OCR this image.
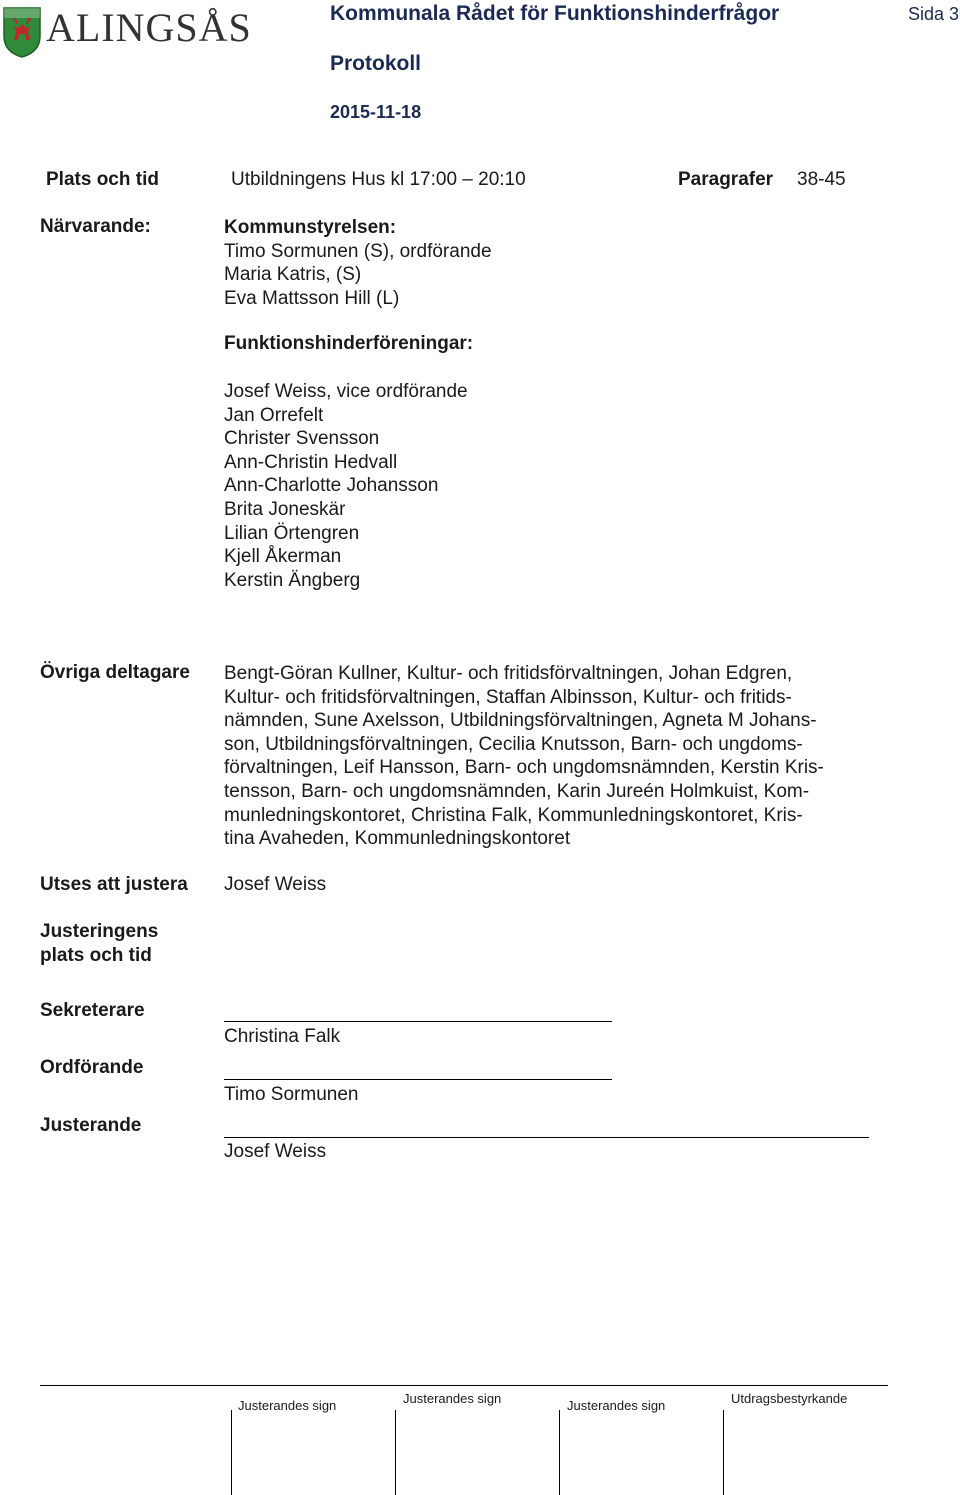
ALINGSÅS	Kommunala Rådet för Funktionshinderfrågor	Sida 3
Protokoll
2015-11-18
Plats och tid	Utbildningens Hus kl 17:00 – 20:10	Paragrafer 38-45
Närvarande:	Kommunstyrelsen:
Timo Sormunen (S), ordförande
Maria Katris, (S)
Eva Mattsson Hill (L)
Funktionshinderföreningar:
Josef Weiss, vice ordförande
Jan Orrefelt
Christer Svensson
Ann-Christin Hedvall
Ann-Charlotte Johansson
Brita Joneskär
Lilian Örtengren
Kjell Åkerman
Kerstin Ängberg
Övriga deltagare Bengt-Göran Kullner, Kultur- och fritidsförvaltningen, Johan Edgren,
Kultur- och fritidsförvaltningen, Staffan Albinsson, Kultur- och fritids-
nämnden, Sune Axelsson, Utbildningsförvaltningen, Agneta M Johans-
son, Utbildningsförvaltningen, Cecilia Knutsson, Barn- och ungdoms-
förvaltningen, Leif Hansson, Barn- och ungdomsnämnden, Kerstin Kris-
tensson, Barn- och ungdomsnämnden, Karin Jureén Holmkuist, Kom-
munledningskontoret, Christina Falk, Kommunledningskontoret, Kris-
tina Avaheden, Kommunledningskontoret
Utses att justera Josef Weiss
Justeringens
plats och tid
Sekreterare
Christina Falk
Ordförande
Timo Sormunen
Justerande
Josef Weiss
Justerandes sign	Justerandes sign	Justerandes sign	Utdragsbestyrkande
